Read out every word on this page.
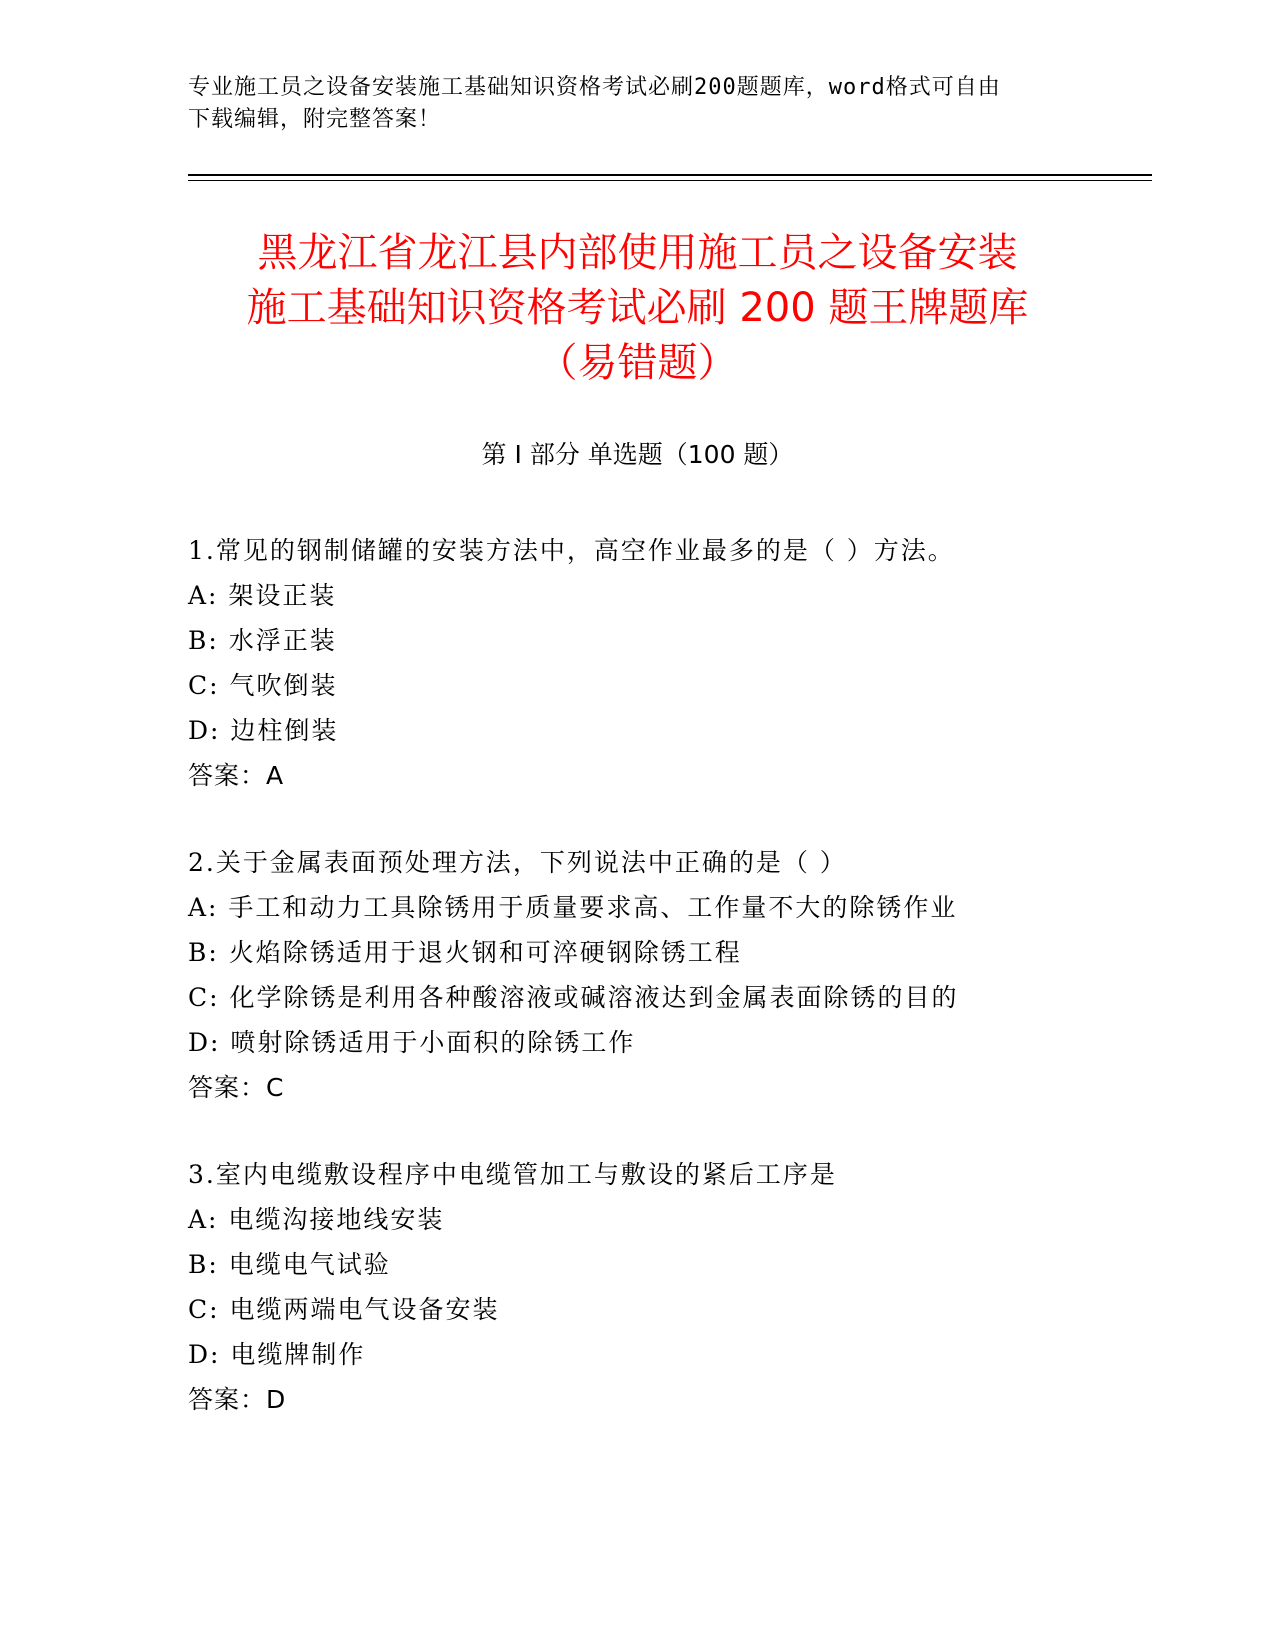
专业施工员之设备安装施工基础知识资格考试必刷200题题库，word格式可自由
下载编辑，附完整答案！
黑龙江省龙江县内部使用施工员之设备安装
施工基础知识资格考试必刷 200 题王牌题库
（易错题）
第 I 部分 单选题（100 题）
1.常见的钢制储罐的安装方法中，高空作业最多的是（ ）方法。
A: 架设正装
B: 水浮正装
C: 气吹倒装
D: 边柱倒装
答案：A
2.关于金属表面预处理方法，下列说法中正确的是（ ）
A: 手工和动力工具除锈用于质量要求高、工作量不大的除锈作业
B: 火焰除锈适用于退火钢和可淬硬钢除锈工程
C: 化学除锈是利用各种酸溶液或碱溶液达到金属表面除锈的目的
D: 喷射除锈适用于小面积的除锈工作
答案：C
3.室内电缆敷设程序中电缆管加工与敷设的紧后工序是
A: 电缆沟接地线安装
B: 电缆电气试验
C: 电缆两端电气设备安装
D: 电缆牌制作
答案：D
